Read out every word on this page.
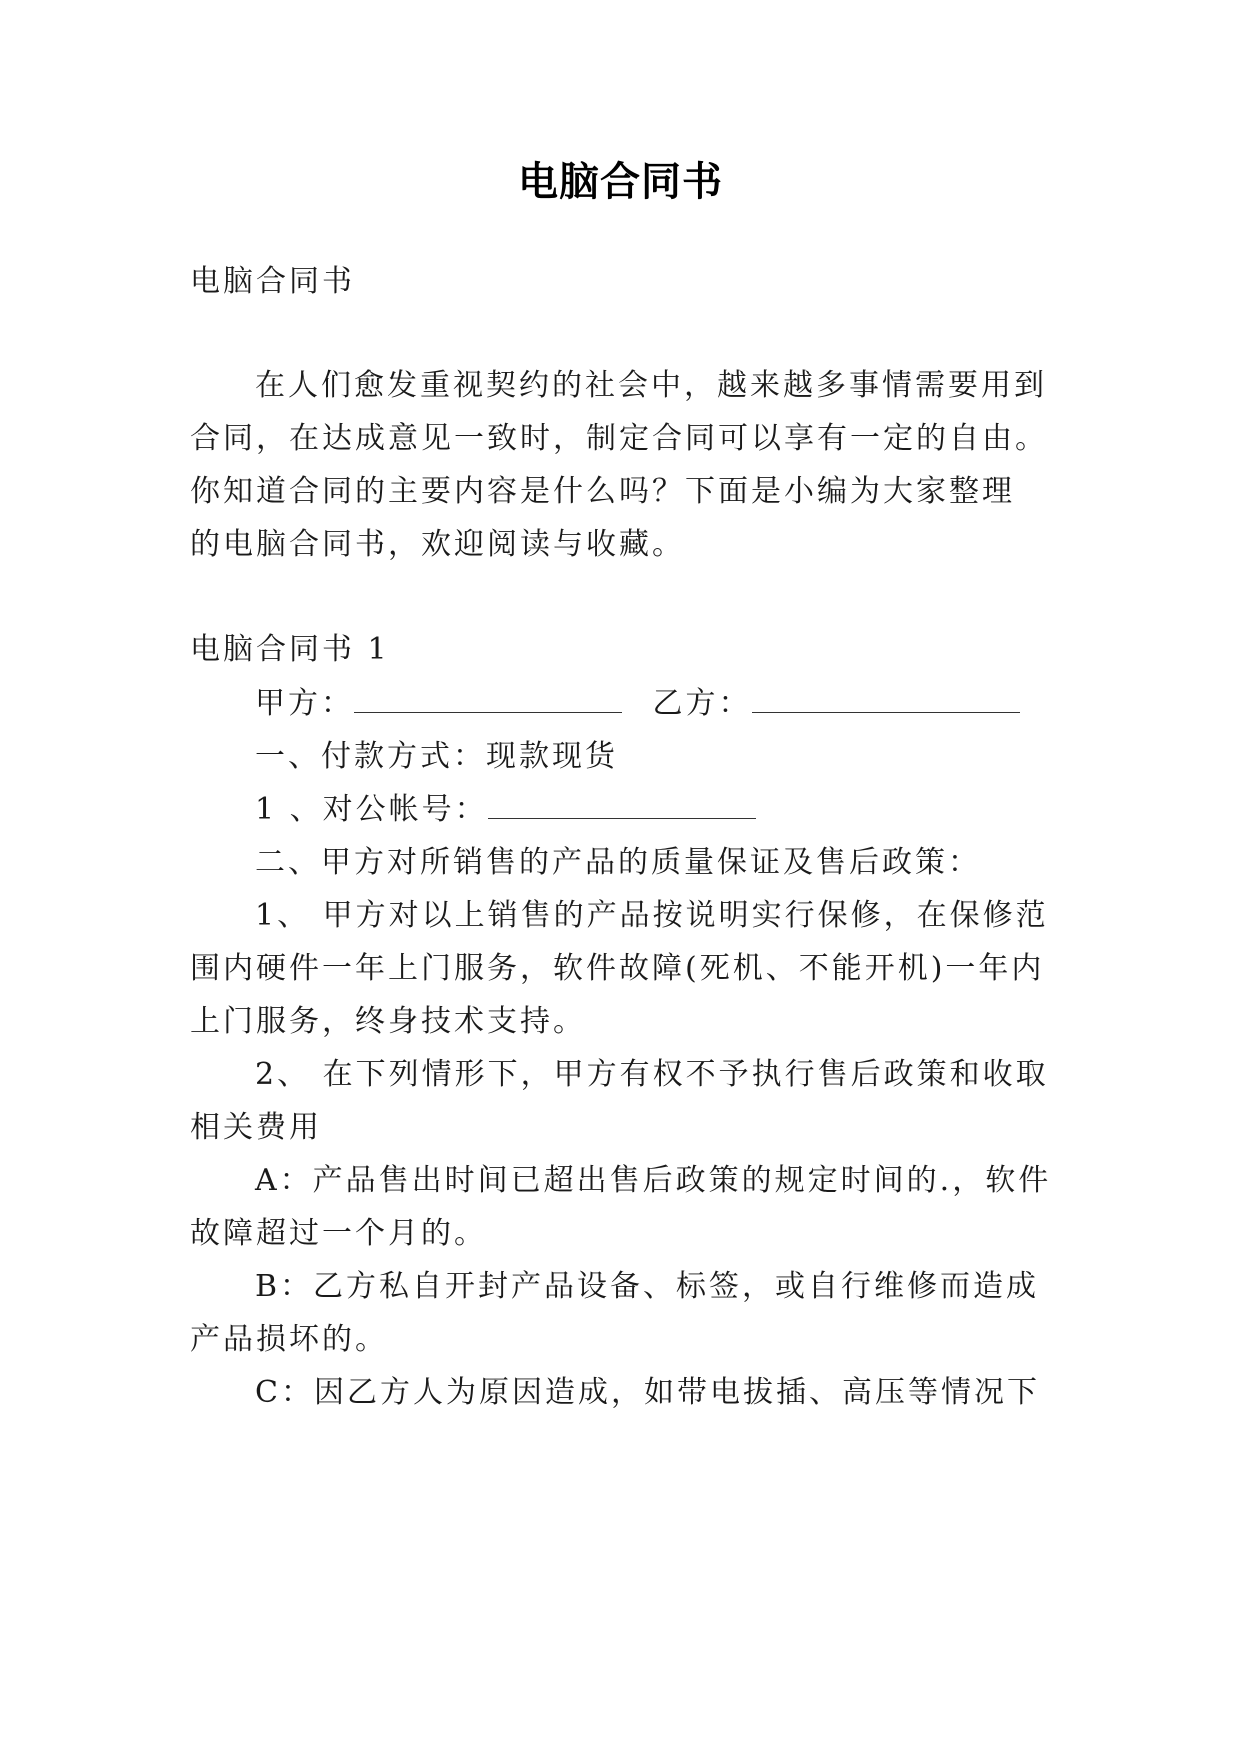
电脑合同书
电脑合同书
在人们愈发重视契约的社会中，越来越多事情需要用到
合同，在达成意见一致时，制定合同可以享有一定的自由。
你知道合同的主要内容是什么吗？下面是小编为大家整理
的电脑合同书，欢迎阅读与收藏。
电脑合同书 1
甲方：	乙方：
一、付款方式：现款现货
1 、对公帐号：
二、甲方对所销售的产品的质量保证及售后政策：
1、 甲方对以上销售的产品按说明实行保修，在保修范
围内硬件一年上门服务，软件故障(死机、不能开机)一年内
上门服务，终身技术支持。
2、 在下列情形下，甲方有权不予执行售后政策和收取
相关费用
A：产品售出时间已超出售后政策的规定时间的.，软件
故障超过一个月的。
B：乙方私自开封产品设备、标签，或自行维修而造成
产品损坏的。
C：因乙方人为原因造成，如带电拔插、高压等情况下
